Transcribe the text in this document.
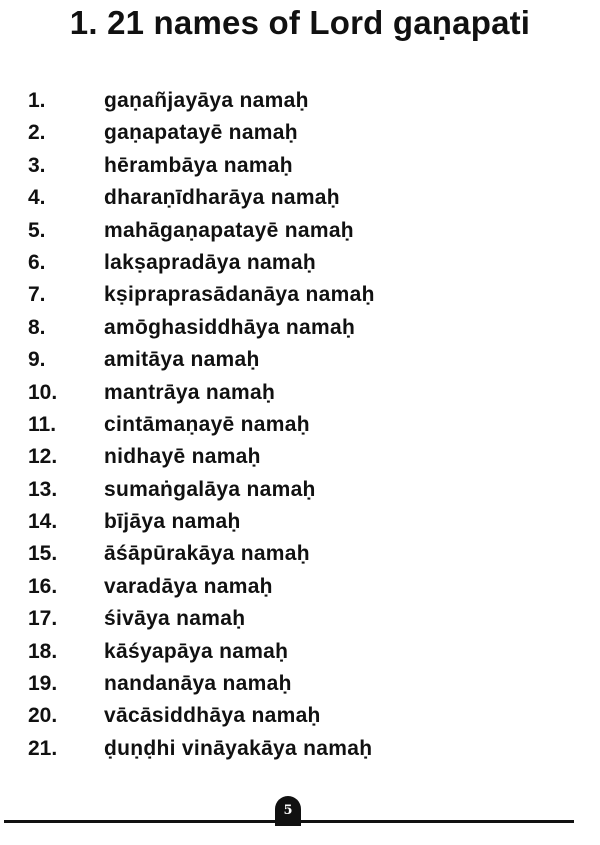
1. 21 names of Lord gaṇapati
1.	gaṇañjayāya namaḥ
2.	gaṇapatayē namaḥ
3.	hērambāya namaḥ
4.	dharaṇīdharāya namaḥ
5.	mahāgaṇapatayē namaḥ
6.	lakṣapradāya namaḥ
7.	kṣipraprasādanāya namaḥ
8.	amōghasiddhāya namaḥ
9.	amitāya namaḥ
10. mantrāya namaḥ
11. cintāmaṇayē namaḥ
12. nidhayē namaḥ
13. sumaṅgalāya namaḥ
14. bījāya namaḥ
15. āśāpūrakāya namaḥ
16. varadāya namaḥ
17. śivāya namaḥ
18. kāśyapāya namaḥ
19. nandanāya namaḥ
20. vācāsiddhāya namaḥ
21. ḍuṇḍhi vināyakāya namaḥ
5
